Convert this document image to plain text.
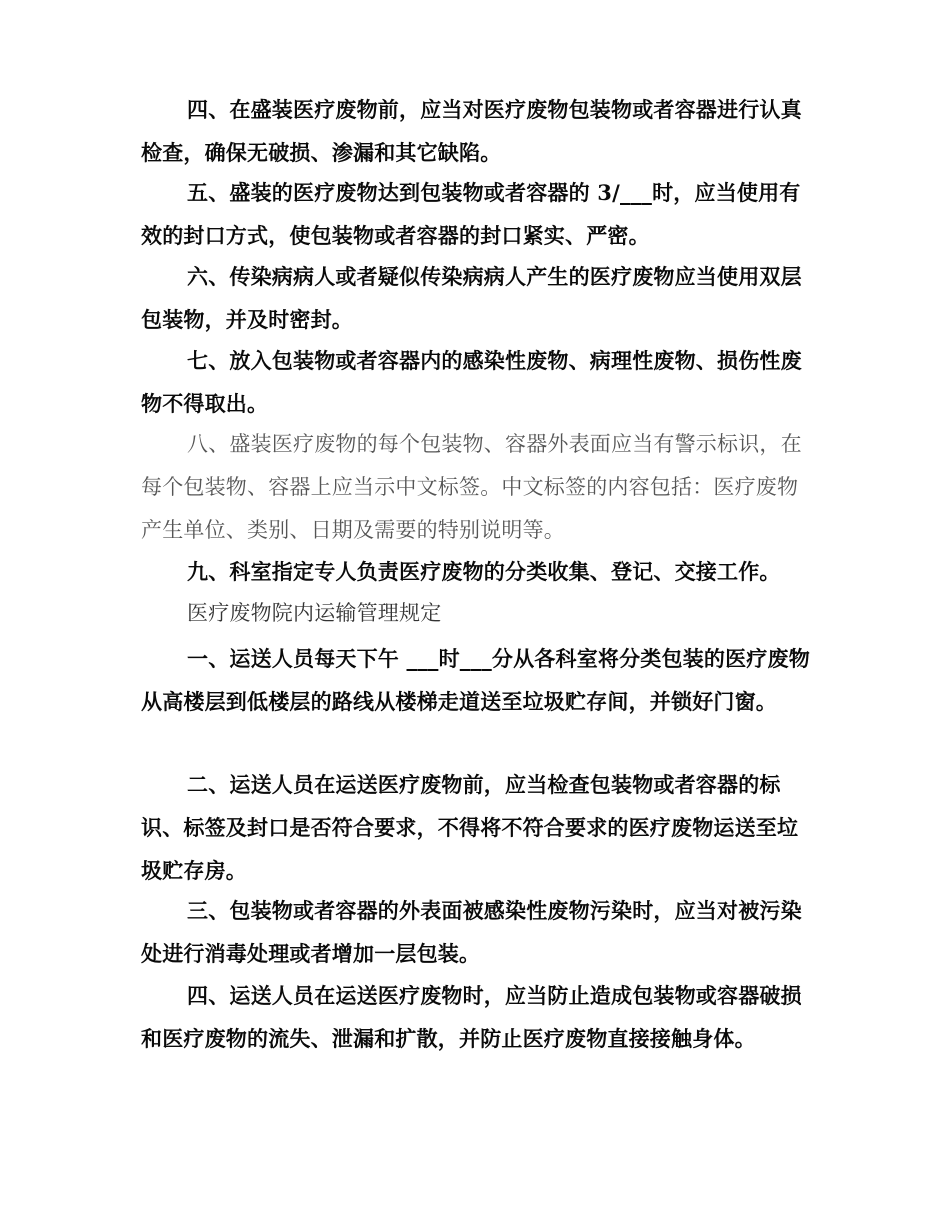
四、在盛装医疗废物前，应当对医疗废物包装物或者容器进行认真检查，确保无破损、渗漏和其它缺陷。

五、盛装的医疗废物达到包装物或者容器的 3/___时，应当使用有效的封口方式，使包装物或者容器的封口紧实、严密。

六、传染病病人或者疑似传染病病人产生的医疗废物应当使用双层包装物，并及时密封。

七、放入包装物或者容器内的感染性废物、病理性废物、损伤性废物不得取出。

八、盛装医疗废物的每个包装物、容器外表面应当有警示标识，在每个包装物、容器上应当示中文标签。中文标签的内容包括：医疗废物产生单位、类别、日期及需要的特别说明等。

九、科室指定专人负责医疗废物的分类收集、登记、交接工作。

医疗废物院内运输管理规定

一、运送人员每天下午 ___时___分从各科室将分类包装的医疗废物从高楼层到低楼层的路线从楼梯走道送至垃圾贮存间，并锁好门窗。

二、运送人员在运送医疗废物前，应当检查包装物或者容器的标识、标签及封口是否符合要求，不得将不符合要求的医疗废物运送至垃圾贮存房。

三、包装物或者容器的外表面被感染性废物污染时，应当对被污染处进行消毒处理或者增加一层包装。

四、运送人员在运送医疗废物时，应当防止造成包装物或容器破损和医疗废物的流失、泄漏和扩散，并防止医疗废物直接接触身体。
